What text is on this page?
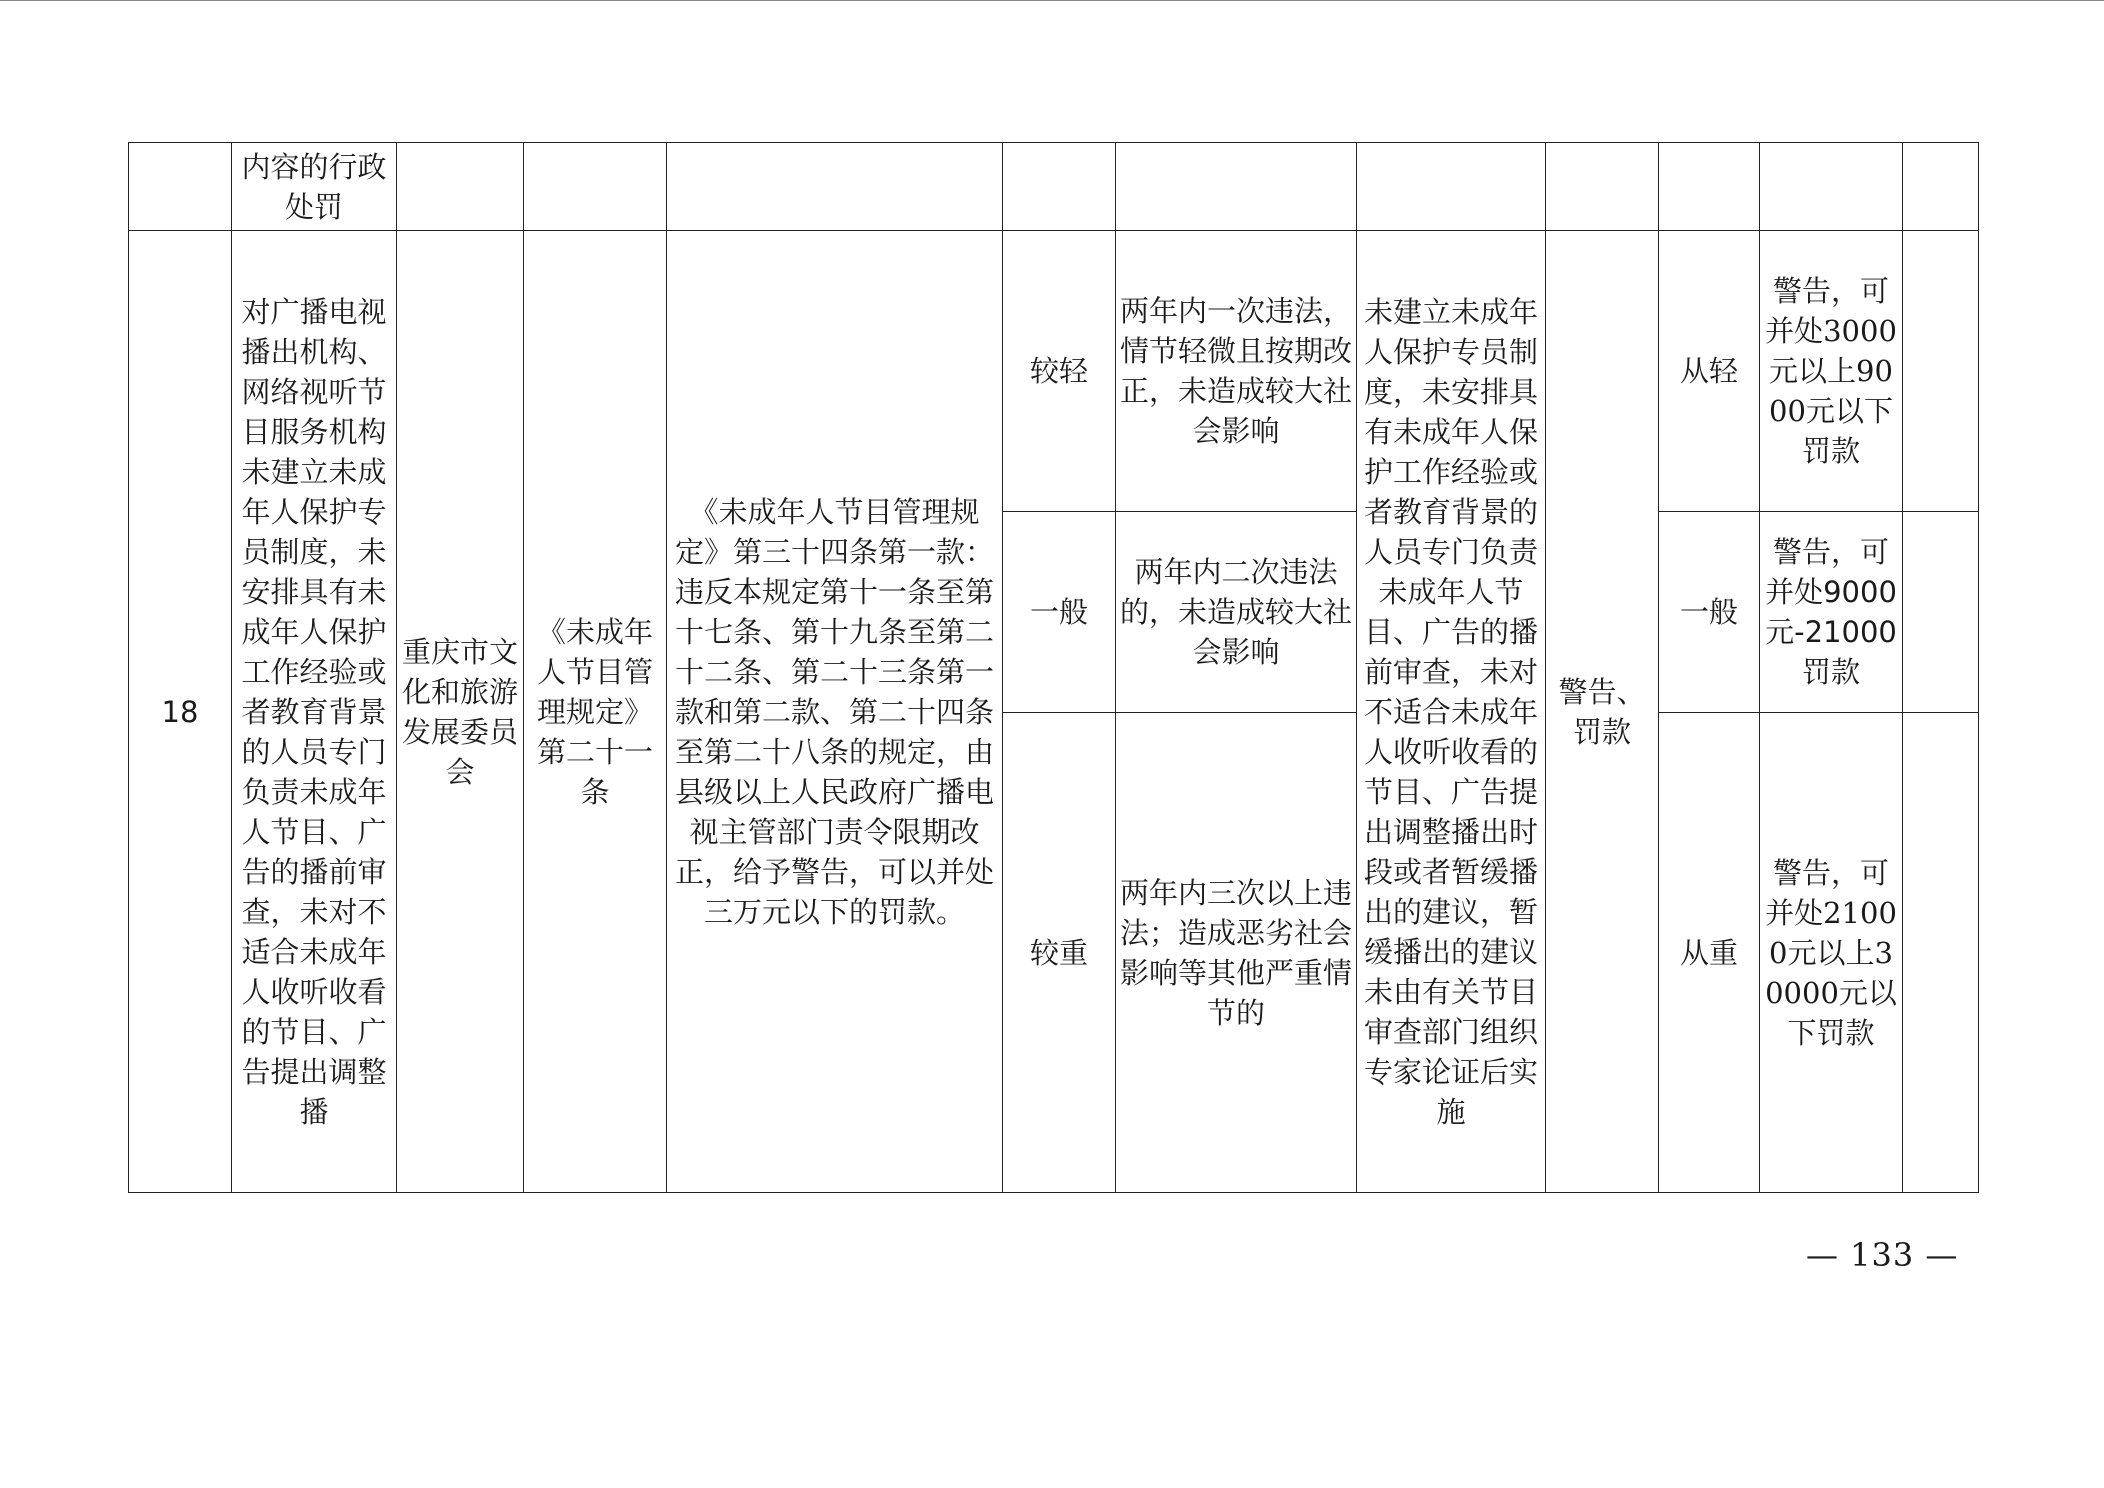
	内容的行政处罚										
18	对广播电视播出机构、网络视听节目服务机构未建立未成年人保护专员制度，未安排具有未成年人保护工作经验或者教育背景的人员专门负责未成年人节目、广告的播前审查，未对不适合未成年人收听收看的节目、广告提出调整播	重庆市文化和旅游发展委员会	《未成年人节目管理规定》第二十一条	《未成年人节目管理规定》第三十四条第一款：违反本规定第十一条至第十七条、第十九条至第二十二条、第二十三条第一款和第二款、第二十四条至第二十八条的规定，由县级以上人民政府广播电视主管部门责令限期改正，给予警告，可以并处三万元以下的罚款。	较轻	两年内一次违法，情节轻微且按期改正，未造成较大社会影响	未建立未成年人保护专员制度，未安排具有未成年人保护工作经验或者教育背景的人员专门负责未成年人节目、广告的播前审查，未对不适合未成年人收听收看的节目、广告提出调整播出时段或者暂缓播出的建议，暂缓播出的建议未由有关节目审查部门组织专家论证后实施	警告、罚款	从轻	警告，可并处3000元以上9000元以下罚款	
					一般	两年内二次违法的，未造成较大社会影响			一般	警告，可并处9000元-21000罚款	
					较重	两年内三次以上违法；造成恶劣社会影响等其他严重情节的			从重	警告，可并处21000元以上30000元以下罚款	
— 133 —
